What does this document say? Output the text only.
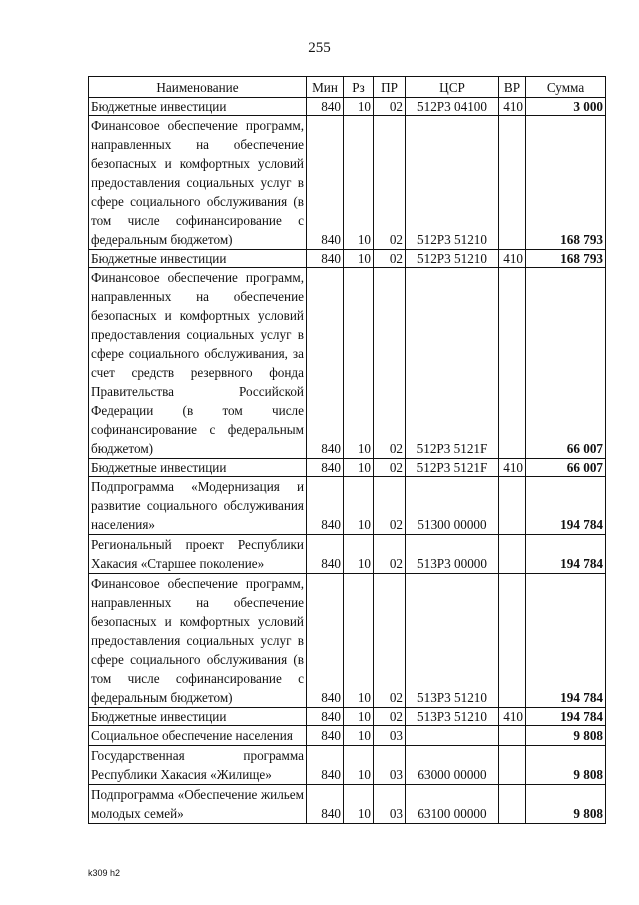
255
Наименование	Мин	Рз	ПР	ЦСР	ВР	Сумма
Бюджетные инвестиции	840	10	02	512Р3 04100	410	3 000
Финансовое обеспечение программ, направленных на обеспечение безопасных и комфортных условий предоставления социальных услуг в сфере социального обслуживания (в том числе софинансирование с федеральным бюджетом)	840	10	02	512Р3 51210		168 793
Бюджетные инвестиции	840	10	02	512Р3 51210	410	168 793
Финансовое обеспечение программ, направленных на обеспечение безопасных и комфортных условий предоставления социальных услуг в сфере социального обслуживания, за счет средств резервного фонда Правительства Российской Федерации (в том числе софинансирование с федеральным бюджетом)	840	10	02	512Р3 5121F		66 007
Бюджетные инвестиции	840	10	02	512Р3 5121F	410	66 007
Подпрограмма «Модернизация и развитие социального обслуживания населения»	840	10	02	51300 00000		194 784
Региональный проект Республики Хакасия «Старшее поколение»	840	10	02	513Р3 00000		194 784
Финансовое обеспечение программ, направленных на обеспечение безопасных и комфортных условий предоставления социальных услуг в сфере социального обслуживания (в том числе софинансирование с федеральным бюджетом)	840	10	02	513Р3 51210		194 784
Бюджетные инвестиции	840	10	02	513Р3 51210	410	194 784
Социальное обеспечение населения	840	10	03			9 808
Государственная программа Республики Хакасия «Жилище»	840	10	03	63000 00000		9 808
Подпрограмма «Обеспечение жильем молодых семей»	840	10	03	63100 00000		9 808
k309 h2
